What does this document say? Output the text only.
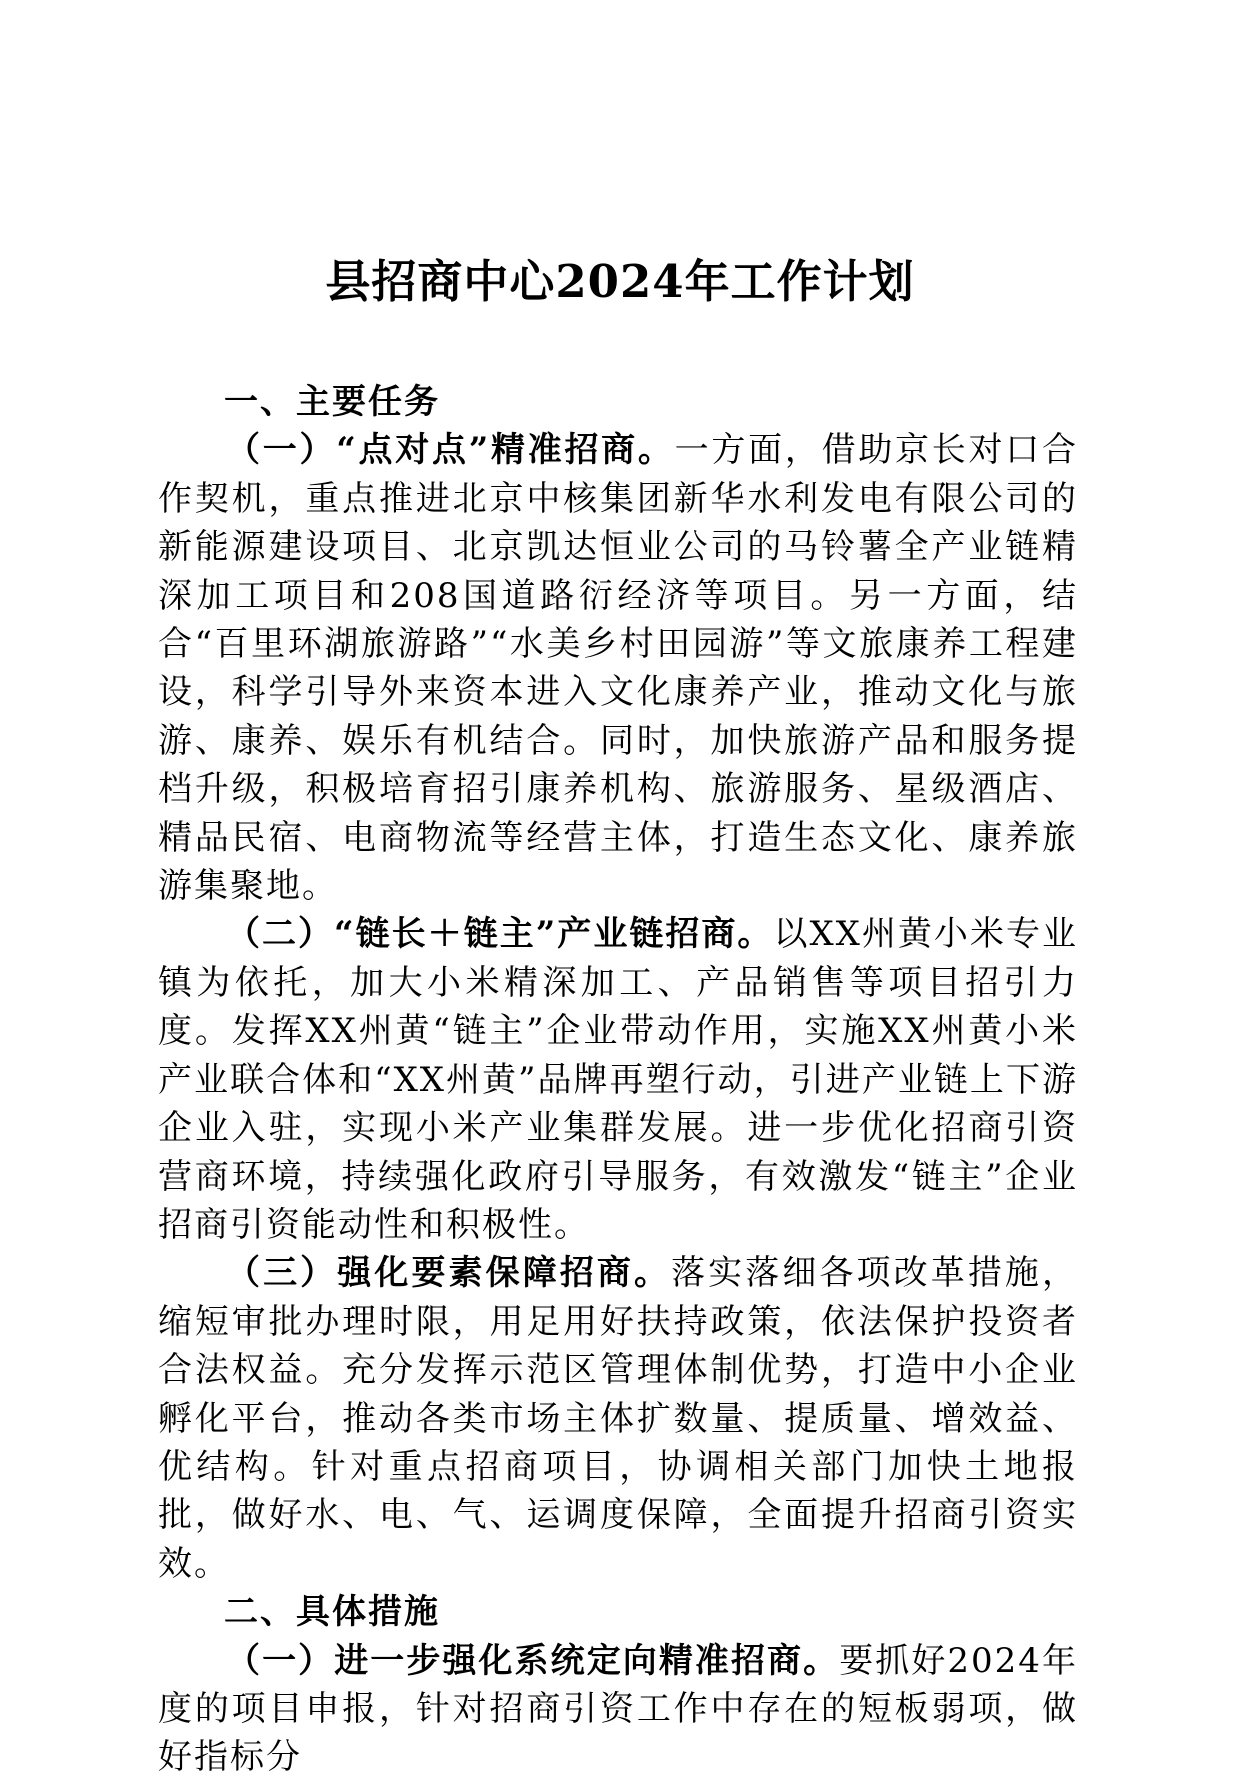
县招商中心2024年工作计划

一、主要任务

（一）“点对点”精准招商。一方面，借助京长对口合作契机，重点推进北京中核集团新华水利发电有限公司的新能源建设项目、北京凯达恒业公司的马铃薯全产业链精深加工项目和208国道路衍经济等项目。另一方面，结合“百里环湖旅游路”“水美乡村田园游”等文旅康养工程建设，科学引导外来资本进入文化康养产业，推动文化与旅游、康养、娱乐有机结合。同时，加快旅游产品和服务提档升级，积极培育招引康养机构、旅游服务、星级酒店、精品民宿、电商物流等经营主体，打造生态文化、康养旅游集聚地。

（二）“链长＋链主”产业链招商。以XX州黄小米专业镇为依托，加大小米精深加工、产品销售等项目招引力度。发挥XX州黄“链主”企业带动作用，实施XX州黄小米产业联合体和“XX州黄”品牌再塑行动，引进产业链上下游企业入驻，实现小米产业集群发展。进一步优化招商引资营商环境，持续强化政府引导服务，有效激发“链主”企业招商引资能动性和积极性。

（三）强化要素保障招商。落实落细各项改革措施，缩短审批办理时限，用足用好扶持政策，依法保护投资者合法权益。充分发挥示范区管理体制优势，打造中小企业孵化平台，推动各类市场主体扩数量、提质量、增效益、优结构。针对重点招商项目，协调相关部门加快土地报批，做好水、电、气、运调度保障，全面提升招商引资实效。

二、具体措施

（一）进一步强化系统定向精准招商。要抓好2024年度的项目申报，针对招商引资工作中存在的短板弱项，做好指标分
